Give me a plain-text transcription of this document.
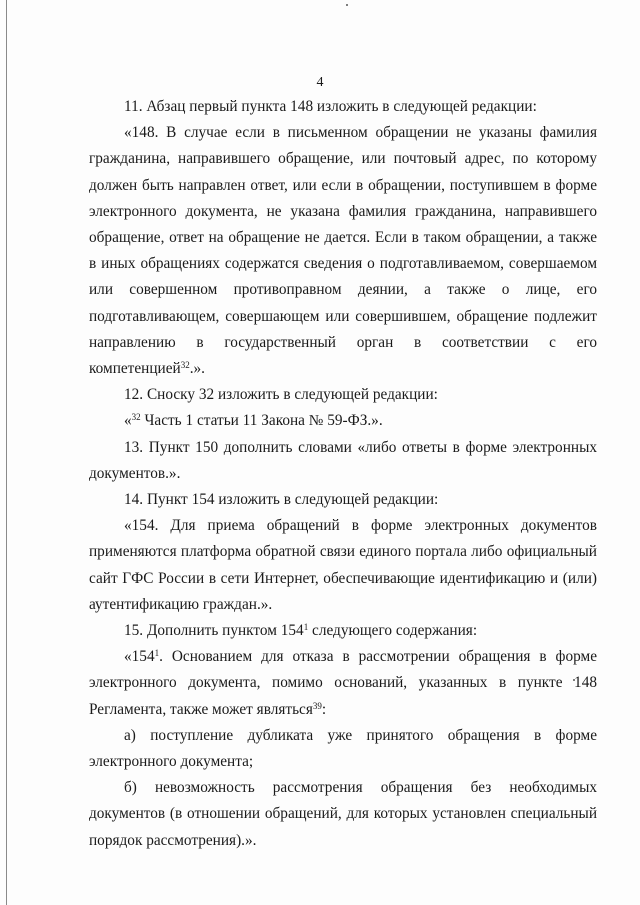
4

11. Абзац первый пункта 148 изложить в следующей редакции:

«148. В случае если в письменном обращении не указаны фамилия гражданина, направившего обращение, или почтовый адрес, по которому должен быть направлен ответ, или если в обращении, поступившем в форме электронного документа, не указана фамилия гражданина, направившего обращение, ответ на обращение не дается. Если в таком обращении, а также в иных обращениях содержатся сведения о подготавливаемом, совершаемом или совершенном противоправном деянии, а также о лице, его подготавливающем, совершающем или совершившем, обращение подлежит направлению в государственный орган в соответствии с его компетенцией$^{32}$.».

12. Сноску 32 изложить в следующей редакции:

«$^{32}$ Часть 1 статьи 11 Закона № 59-ФЗ.».

13. Пункт 150 дополнить словами «либо ответы в форме электронных документов.».

14. Пункт 154 изложить в следующей редакции:

«154. Для приема обращений в форме электронных документов применяются платформа обратной связи единого портала либо официальный сайт ГФС России в сети Интернет, обеспечивающие идентификацию и (или) аутентификацию граждан.».

15. Дополнить пунктом $154^1$ следующего содержания:

«$154^1$. Основанием для отказа в рассмотрении обращения в форме электронного документа, помимо оснований, указанных в пункте 148 Регламента, также может являться$^{39}$:

а) поступление дубликата уже принятого обращения в форме электронного документа;

б) невозможность рассмотрения обращения без необходимых документов (в отношении обращений, для которых установлен специальный порядок рассмотрения).».
